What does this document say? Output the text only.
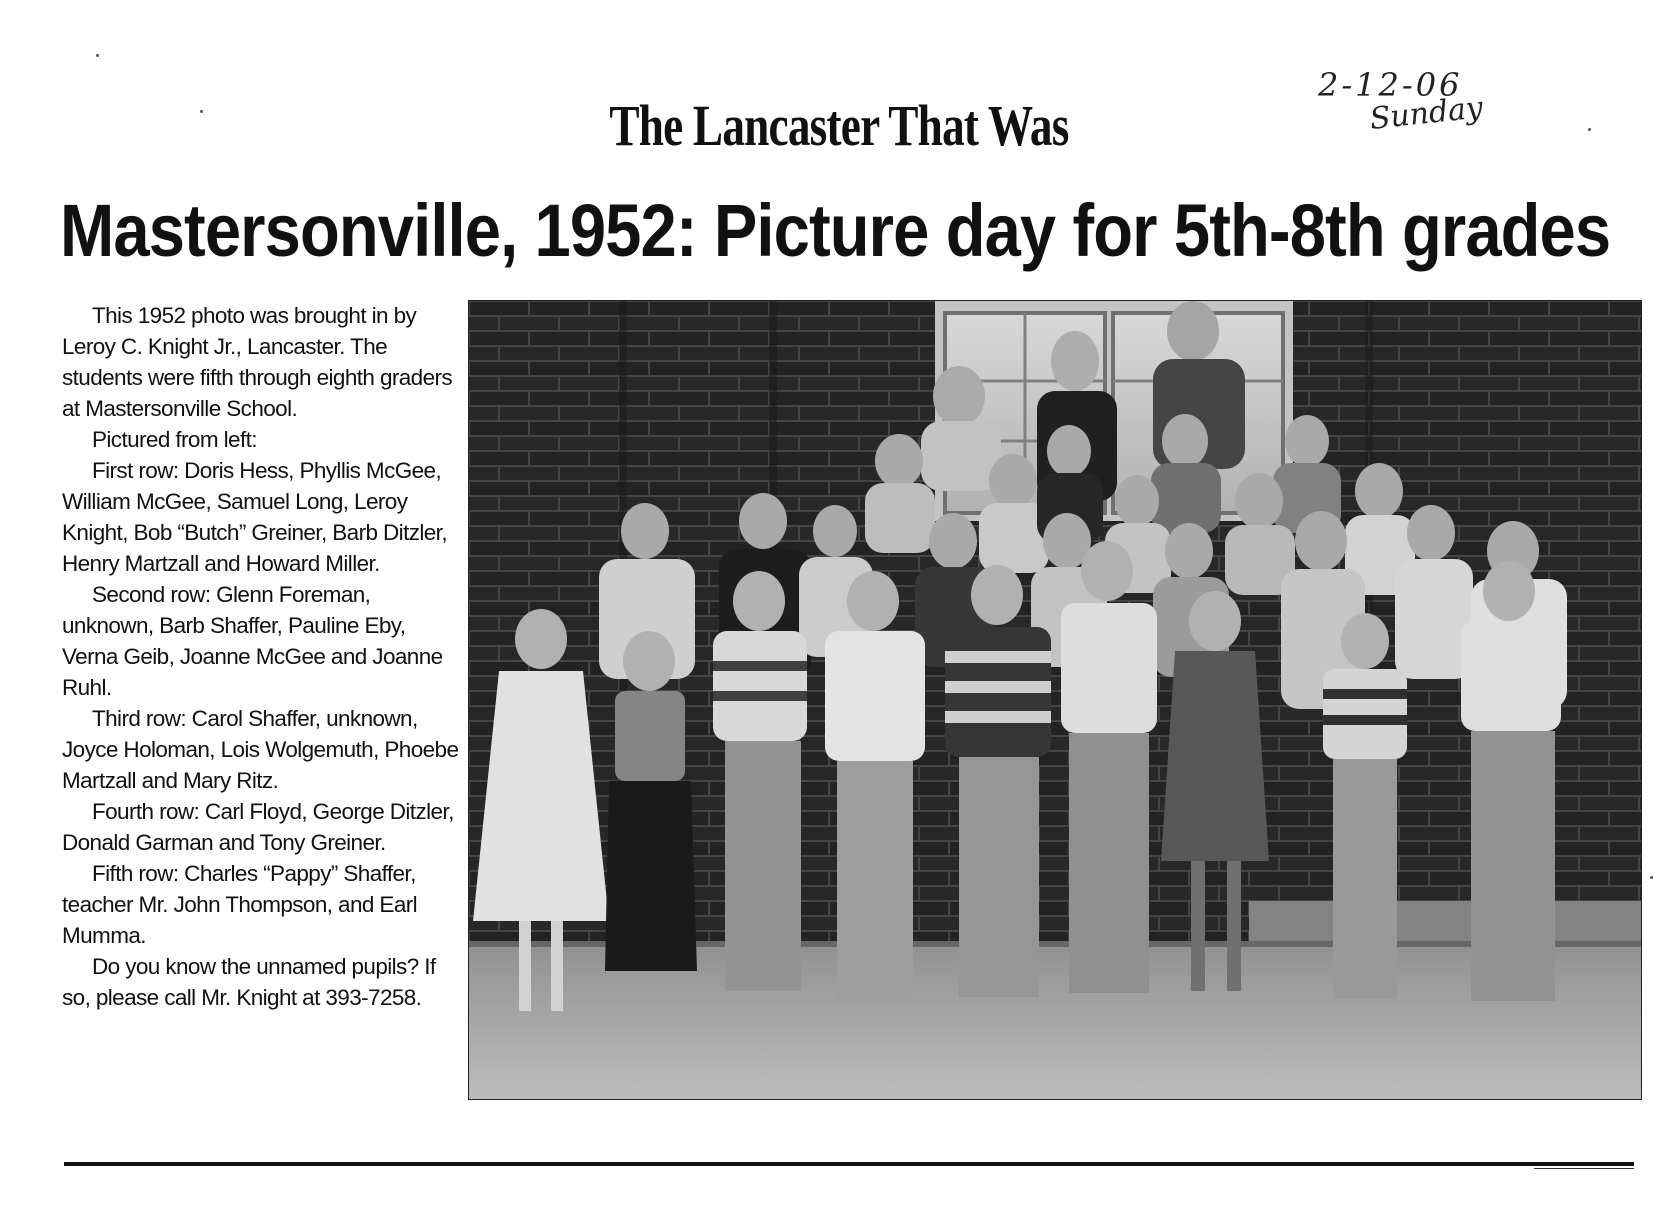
The Lancaster That Was
2-12-06
Sunday
Mastersonville, 1952: Picture day for 5th-8th grades

This 1952 photo was brought in by Leroy C. Knight Jr., Lancaster. The students were fifth through eighth graders at Mastersonville School.

Pictured from left:

First row: Doris Hess, Phyllis McGee, William McGee, Samuel Long, Leroy Knight, Bob “Butch” Greiner, Barb Ditzler, Henry Martzall and Howard Miller.

Second row: Glenn Foreman, unknown, Barb Shaffer, Pauline Eby, Verna Geib, Joanne McGee and Joanne Ruhl.

Third row: Carol Shaffer, unknown, Joyce Holoman, Lois Wolgemuth, Phoebe Martzall and Mary Ritz.

Fourth row: Carl Floyd, George Ditzler, Donald Garman and Tony Greiner.

Fifth row: Charles “Pappy” Shaffer, teacher Mr. John Thompson, and Earl Mumma.

Do you know the unnamed pupils? If so, please call Mr. Knight at 393-7258.
